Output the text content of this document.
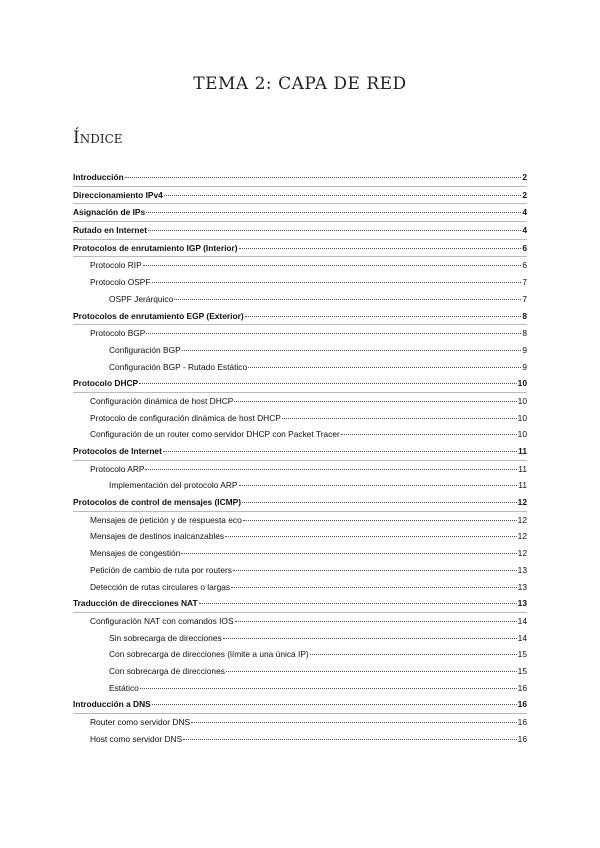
TEMA 2: CAPA DE RED
Índice
Introducción	2
Direccionamiento IPv4	2
Asignación de IPs	4
Rutado en Internet	4
Protocolos de enrutamiento IGP (Interior)	6
Protocolo RIP	6
Protocolo OSPF	7
OSPF Jerárquico	7
Protocolos de enrutamiento EGP (Exterior)	8
Protocolo BGP	8
Configuración BGP	9
Configuración BGP - Rutado Estático	9
Protocolo DHCP	10
Configuración dinámica de host DHCP	10
Protocolo de configuración dinámica de host DHCP	10
Configuración de un router como servidor DHCP con Packet Tracer	10
Protocolos de Internet	11
Protocolo ARP	11
Implementación del protocolo ARP	11
Protocolos de control de mensajes (ICMP)	12
Mensajes de petición y de respuesta eco	12
Mensajes de destinos inalcanzables	12
Mensajes de congestión	12
Petición de cambio de ruta por routers	13
Detección de rutas circulares o largas	13
Traducción de direcciones NAT	13
Configuración NAT con comandos IOS	14
Sin sobrecarga de direcciones	14
Con sobrecarga de direcciones (límite a una única IP)	15
Con sobrecarga de direcciones	15
Estático	16
Introducción a DNS	16
Router como servidor DNS	16
Host como servidor DNS	16
